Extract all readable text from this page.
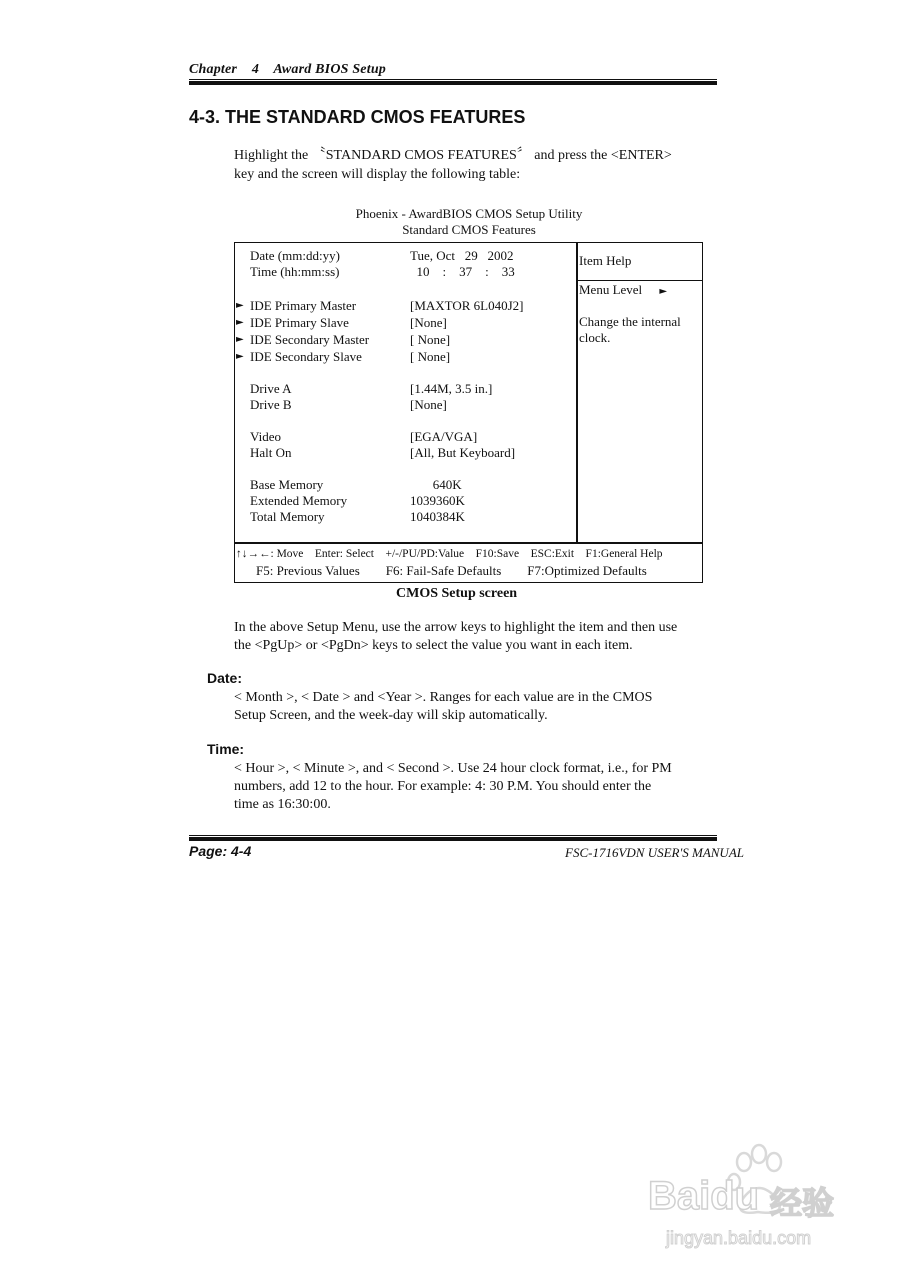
Chapter    4    Award BIOS Setup
4-3. THE STANDARD CMOS FEATURES
Highlight the 〝STANDARD CMOS FEATURES〞 and press the <ENTER>
key and the screen will display the following table:
Phoenix - AwardBIOS CMOS Setup Utility
Standard CMOS Features
Date (mm:dd:yy)	Tue, Oct   29   2002
Time (hh:mm:ss)	10    :    37    :    33
► IDE Primary Master	[MAXTOR 6L040J2]
► IDE Primary Slave	[None]
► IDE Secondary Master	[ None]
► IDE Secondary Slave	[ None]
Drive A	[1.44M, 3.5 in.]
Drive B	[None]
Video	[EGA/VGA]
Halt On	[All, But Keyboard]
Base Memory	640K
Extended Memory	1039360K
Total Memory	1040384K
Item Help
Menu Level ►
Change the internal
clock.
↑↓→←: Move    Enter: Select    +/-/PU/PD:Value    F10:Save    ESC:Exit    F1:General Help
F5: Previous Values        F6: Fail-Safe Defaults        F7:Optimized Defaults
CMOS Setup screen
In the above Setup Menu, use the arrow keys to highlight the item and then use
the <PgUp> or <PgDn> keys to select the value you want in each item.
Date:
< Month >, < Date > and <Year >. Ranges for each value are in the CMOS
Setup Screen, and the week-day will skip automatically.
Time:
< Hour >, < Minute >, and < Second >. Use 24 hour clock format, i.e., for PM
numbers, add 12 to the hour. For example: 4: 30 P.M. You should enter the
time as 16:30:00.
Page: 4-4	FSC-1716VDN USER'S MANUAL
Baidu 经验
jingyan.baidu.com
